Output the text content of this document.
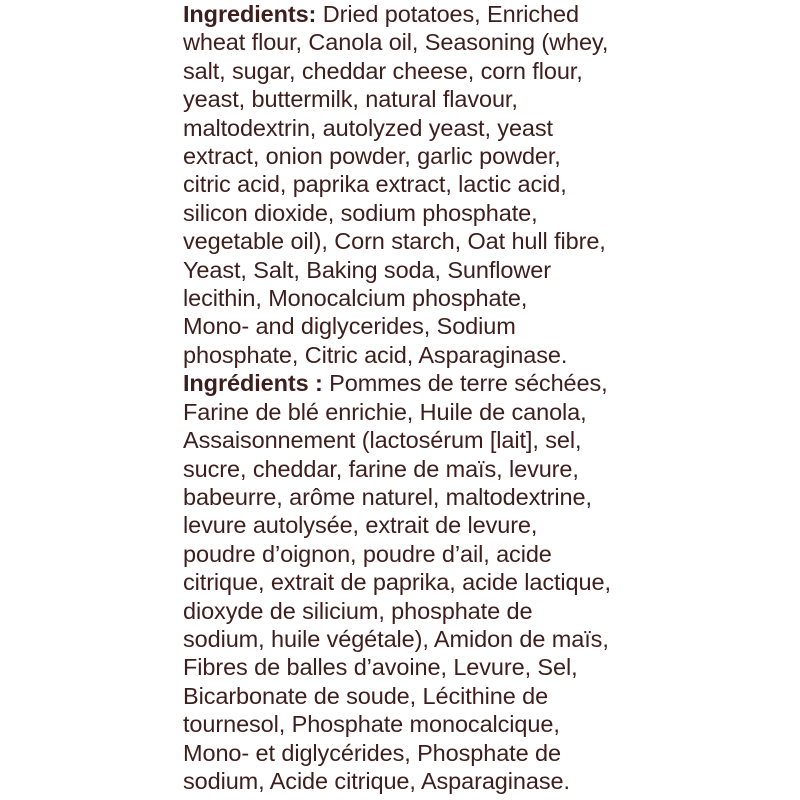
Ingredients: Dried potatoes, Enriched
wheat flour, Canola oil, Seasoning (whey,
salt, sugar, cheddar cheese, corn flour,
yeast, buttermilk, natural flavour,
maltodextrin, autolyzed yeast, yeast
extract, onion powder, garlic powder,
citric acid, paprika extract, lactic acid,
silicon dioxide, sodium phosphate,
vegetable oil), Corn starch, Oat hull fibre,
Yeast, Salt, Baking soda, Sunflower
lecithin, Monocalcium phosphate,
Mono- and diglycerides, Sodium
phosphate, Citric acid, Asparaginase.
Ingrédients : Pommes de terre séchées,
Farine de blé enrichie, Huile de canola,
Assaisonnement (lactosérum [lait], sel,
sucre, cheddar, farine de maïs, levure,
babeurre, arôme naturel, maltodextrine,
levure autolysée, extrait de levure,
poudre d’oignon, poudre d’ail, acide
citrique, extrait de paprika, acide lactique,
dioxyde de silicium, phosphate de
sodium, huile végétale), Amidon de maïs,
Fibres de balles d’avoine, Levure, Sel,
Bicarbonate de soude, Lécithine de
tournesol, Phosphate monocalcique,
Mono- et diglycérides, Phosphate de
sodium, Acide citrique, Asparaginase.
